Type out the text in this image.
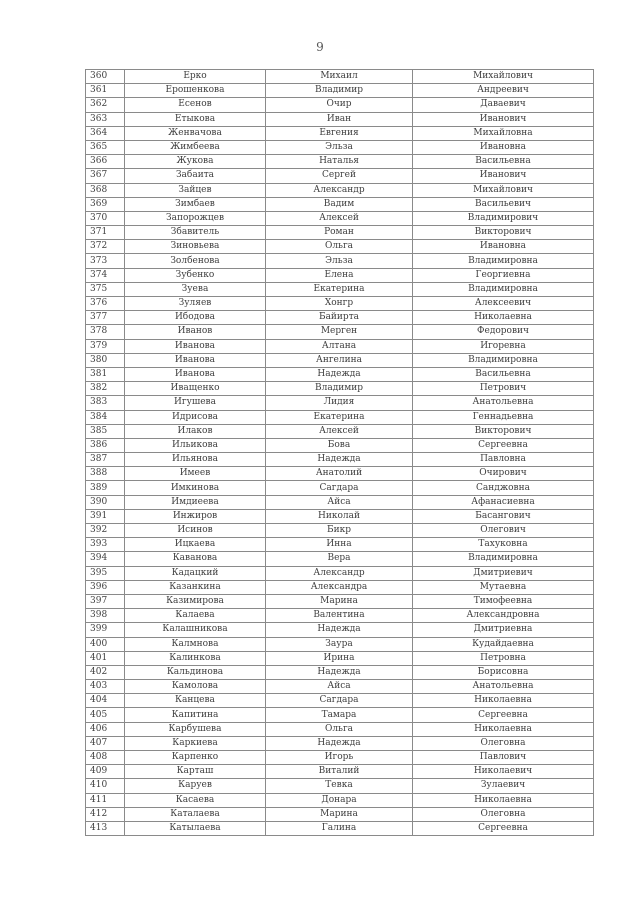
9
360	Ерко	Михаил	Михайлович
361	Ерошенкова	Владимир	Андреевич
362	Есенов	Очир	Даваевич
363	Етыкова	Иван	Иванович
364	Женвачова	Евгения	Михайловна
365	Жимбеева	Эльза	Ивановна
366	Жукова	Наталья	Васильевна
367	Забаита	Сергей	Иванович
368	Зайцев	Александр	Михайлович
369	Зимбаев	Вадим	Васильевич
370	Запорожцев	Алексей	Владимирович
371	Збавитель	Роман	Викторович
372	Зиновьева	Ольга	Ивановна
373	Золбенова	Эльза	Владимировна
374	Зубенко	Елена	Георгиевна
375	Зуева	Екатерина	Владимировна
376	Зуляев	Хонгр	Алексеевич
377	Ибодова	Байирта	Николаевна
378	Иванов	Мерген	Федорович
379	Иванова	Алтана	Игоревна
380	Иванова	Ангелина	Владимировна
381	Иванова	Надежда	Васильевна
382	Иващенко	Владимир	Петрович
383	Игушева	Лидия	Анатольевна
384	Идрисова	Екатерина	Геннадьевна
385	Илаков	Алексей	Викторович
386	Ильикова	Бова	Сергеевна
387	Ильянова	Надежда	Павловна
388	Имеев	Анатолий	Очирович
389	Имкинова	Сагдара	Санджовна
390	Имдиеева	Айса	Афанасиевна
391	Инжиров	Николай	Басангович
392	Исинов	Бикр	Олегович
393	Ицкаева	Инна	Тахуковна
394	Каванова	Вера	Владимировна
395	Кадацкий	Александр	Дмитриевич
396	Казанкина	Александра	Мутаевна
397	Казимирова	Марина	Тимофеевна
398	Калаева	Валентина	Александровна
399	Калашникова	Надежда	Дмитриевна
400	Калмнова	Заура	Кудайдаевна
401	Калинкова	Ирина	Петровна
402	Кальдинова	Надежда	Борисовна
403	Камолова	Айса	Анатольевна
404	Канцева	Сагдара	Николаевна
405	Капитина	Тамара	Сергеевна
406	Карбушева	Ольга	Николаевна
407	Каркиева	Надежда	Олеговна
408	Карпенко	Игорь	Павлович
409	Карташ	Виталий	Николаевич
410	Каруев	Тевка	Зулаевич
411	Касаева	Донара	Николаевна
412	Каталаева	Марина	Олеговна
413	Катылаева	Галина	Сергеевна
